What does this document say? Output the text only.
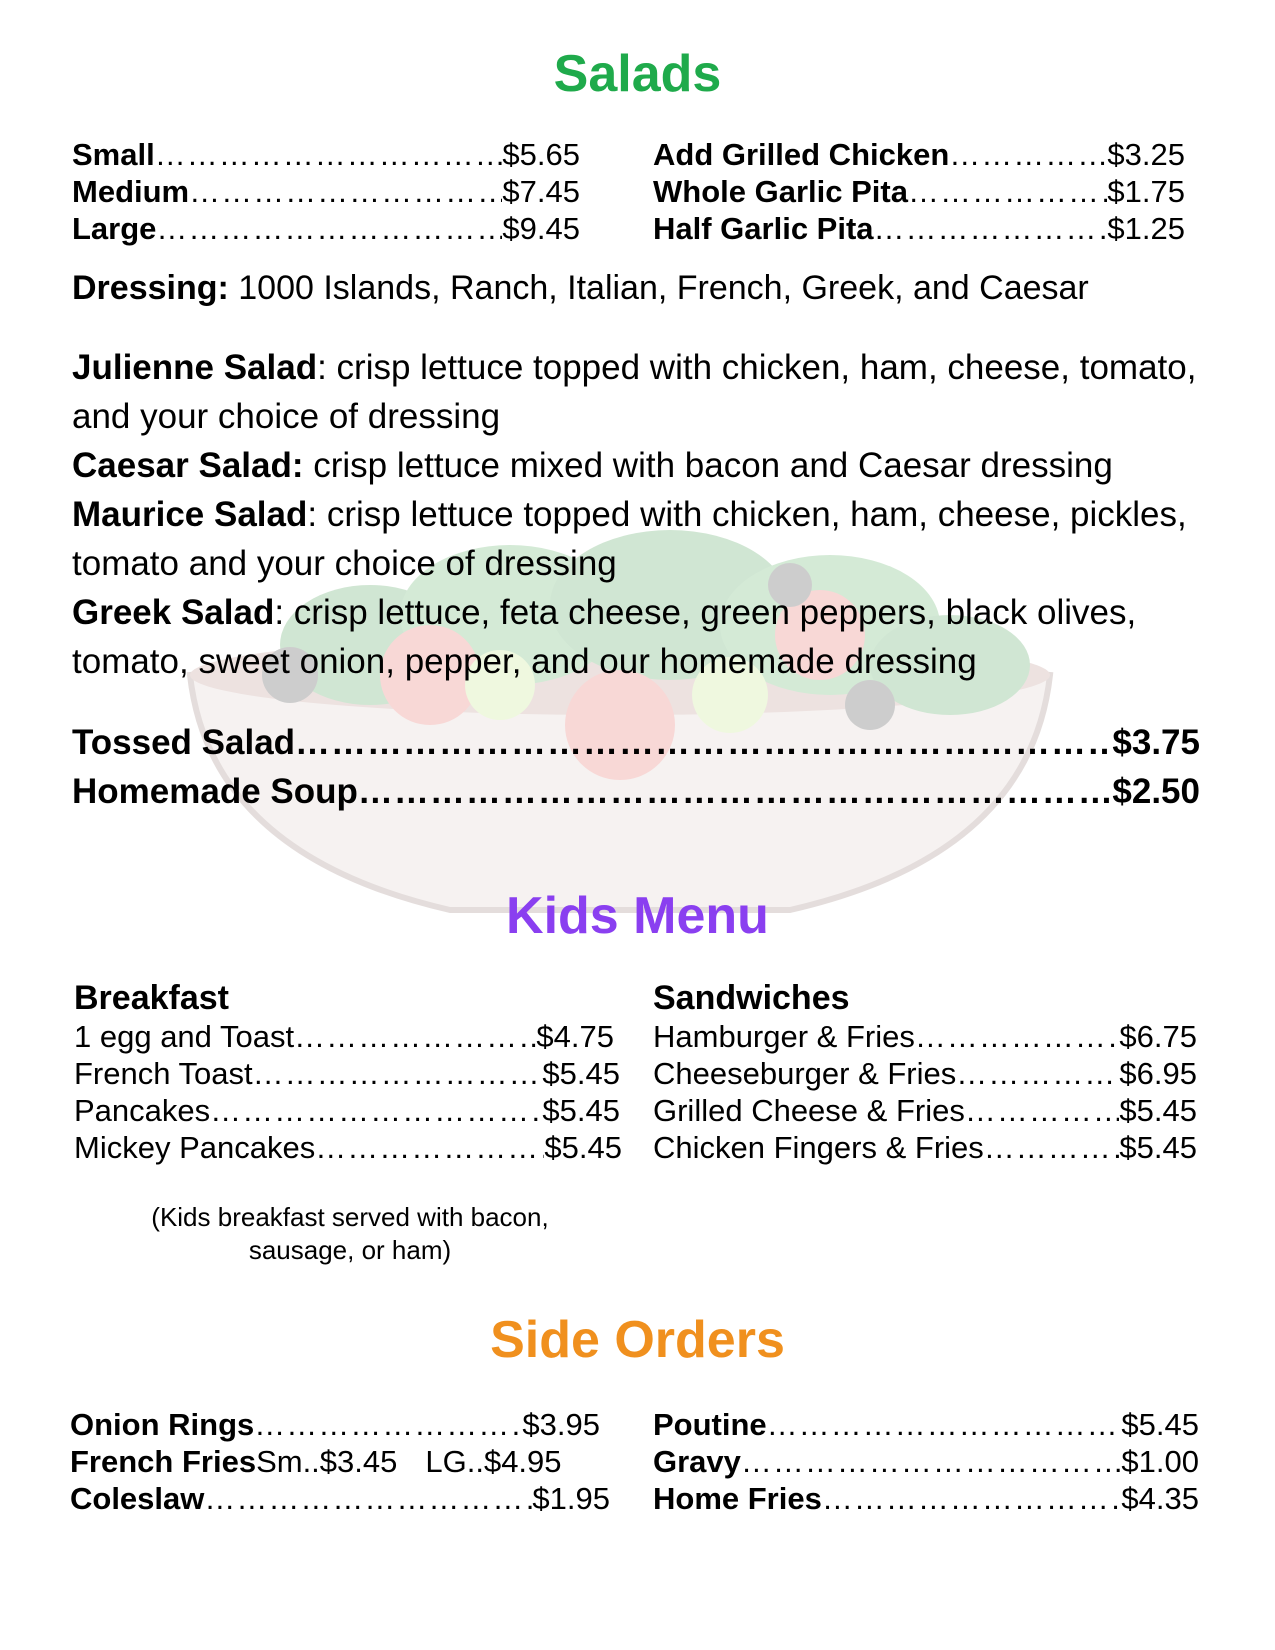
Salads
Small ……………………………………………………………………………………………………………………………………………………………………………………	$5.65
Medium ……………………………………………………………………………………………………………………………………………………………………………………	$7.45
Large ……………………………………………………………………………………………………………………………………………………………………………………	$9.45
Add Grilled Chicken ……………………………………………………………………………………………………………………………………………………………………………………	$3.25
Whole Garlic Pita ……………………………………………………………………………………………………………………………………………………………………………………	$1.75
Half Garlic Pita ……………………………………………………………………………………………………………………………………………………………………………………	$1.25
Dressing: 1000 Islands, Ranch, Italian, French, Greek, and Caesar

Julienne Salad: crisp lettuce topped with chicken, ham, cheese, tomato, and your choice of dressing

Caesar Salad: crisp lettuce mixed with bacon and Caesar dressing

Maurice Salad: crisp lettuce topped with chicken, ham, cheese, pickles, tomato and your choice of dressing

Greek Salad: crisp lettuce, feta cheese, green peppers, black olives, tomato, sweet onion, pepper, and our homemade dressing

Tossed Salad ……………………………………………………………………………………………………………………………………………………………………………………	$3.75
Homemade Soup ……………………………………………………………………………………………………………………………………………………………………………………	$2.50
Kids Menu
Breakfast	Sandwiches
1 egg and Toast ……………………………………………………………………………………………………………………………………………………………………………………	$4.75
French Toast ……………………………………………………………………………………………………………………………………………………………………………………	$5.45
Pancakes ……………………………………………………………………………………………………………………………………………………………………………………	$5.45
Mickey Pancakes ……………………………………………………………………………………………………………………………………………………………………………………	$5.45
Hamburger & Fries ……………………………………………………………………………………………………………………………………………………………………………………	$6.75
Cheeseburger & Fries ……………………………………………………………………………………………………………………………………………………………………………………	$6.95
Grilled Cheese & Fries ……………………………………………………………………………………………………………………………………………………………………………………	$5.45
Chicken Fingers & Fries ……………………………………………………………………………………………………………………………………………………………………………………	$5.45
(Kids breakfast served with bacon,
sausage, or ham)
Side Orders
Onion Rings ……………………………………………………………………………………………………………………………………………………………………………………	$3.95
French Fries Sm..$3.45 LG..$4.95
Coleslaw ……………………………………………………………………………………………………………………………………………………………………………………	$1.95
Poutine ……………………………………………………………………………………………………………………………………………………………………………………	$5.45
Gravy ……………………………………………………………………………………………………………………………………………………………………………………	$1.00
Home Fries ……………………………………………………………………………………………………………………………………………………………………………………	$4.35
